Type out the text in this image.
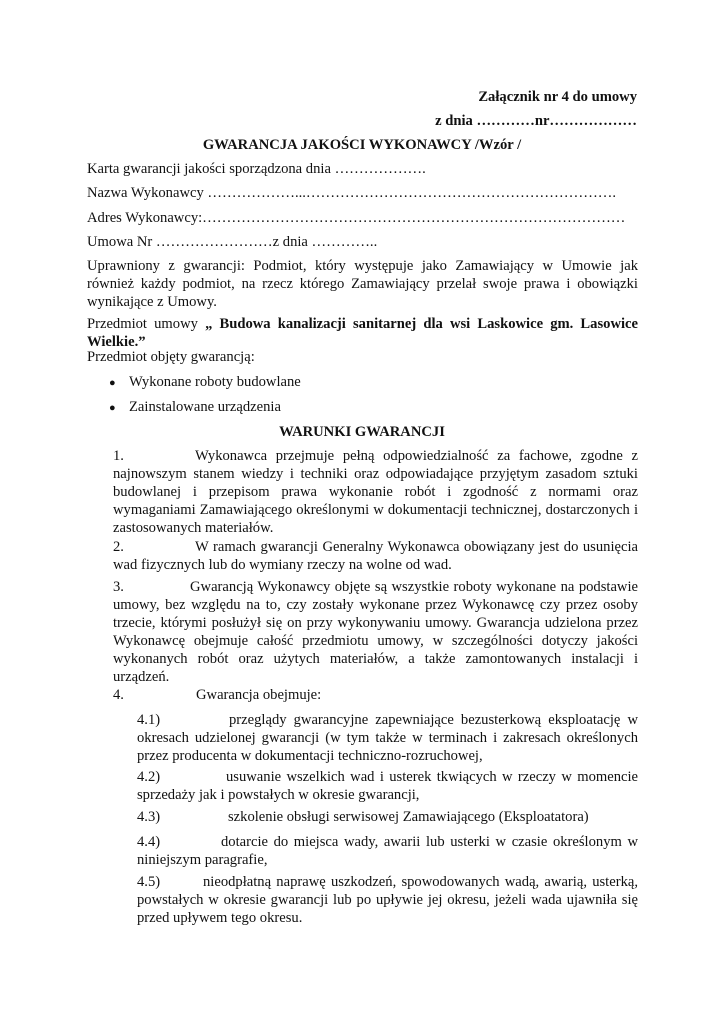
Załącznik nr 4 do umowy
z dnia …………nr………………
GWARANCJA JAKOŚCI WYKONAWCY /Wzór /
Karta gwarancji jakości sporządzona dnia ……………….
Nazwa Wykonawcy ………………...……………………………………………………….
Adres Wykonawcy:……………………………………………………………………………
Umowa Nr ……………………z dnia …………..
Uprawniony z gwarancji: Podmiot, który występuje jako Zamawiający w Umowie jak również każdy podmiot, na rzecz którego Zamawiający przelał swoje prawa i obowiązki wynikające z Umowy.
Przedmiot umowy „ Budowa kanalizacji sanitarnej dla wsi Laskowice gm. Lasowice Wielkie.”
Przedmiot objęty gwarancją:
● Wykonane roboty budowlane
● Zainstalowane urządzenia
WARUNKI GWARANCJI
1.	Wykonawca przejmuje pełną odpowiedzialność za fachowe, zgodne z najnowszym stanem wiedzy i techniki oraz odpowiadające przyjętym zasadom sztuki budowlanej i przepisom prawa wykonanie robót i zgodność z normami oraz wymaganiami Zamawiającego określonymi w dokumentacji technicznej, dostarczonych i zastosowanych materiałów.
2.	W ramach gwarancji Generalny Wykonawca obowiązany jest do usunięcia wad fizycznych lub do wymiany rzeczy na wolne od wad.
3.	Gwarancją Wykonawcy objęte są wszystkie roboty wykonane na podstawie umowy, bez względu na to, czy zostały wykonane przez Wykonawcę czy przez osoby trzecie, którymi posłużył się on przy wykonywaniu umowy. Gwarancja udzielona przez Wykonawcę obejmuje całość przedmiotu umowy, w szczególności dotyczy jakości wykonanych robót oraz użytych materiałów, a także zamontowanych instalacji i urządzeń.
4.	Gwarancja obejmuje:
4.1)	przeglądy gwarancyjne zapewniające bezusterkową eksploatację w okresach udzielonej gwarancji (w tym także w terminach i zakresach określonych przez producenta w dokumentacji techniczno-rozruchowej,
4.2)	usuwanie wszelkich wad i usterek tkwiących w rzeczy w momencie sprzedaży jak i powstałych w okresie gwarancji,
4.3)	szkolenie obsługi serwisowej Zamawiającego (Eksploatatora)
4.4)	dotarcie do miejsca wady, awarii lub usterki w czasie określonym w niniejszym paragrafie,
4.5)	nieodpłatną naprawę uszkodzeń, spowodowanych wadą, awarią, usterką, powstałych w okresie gwarancji lub po upływie jej okresu, jeżeli wada ujawniła się przed upływem tego okresu.
